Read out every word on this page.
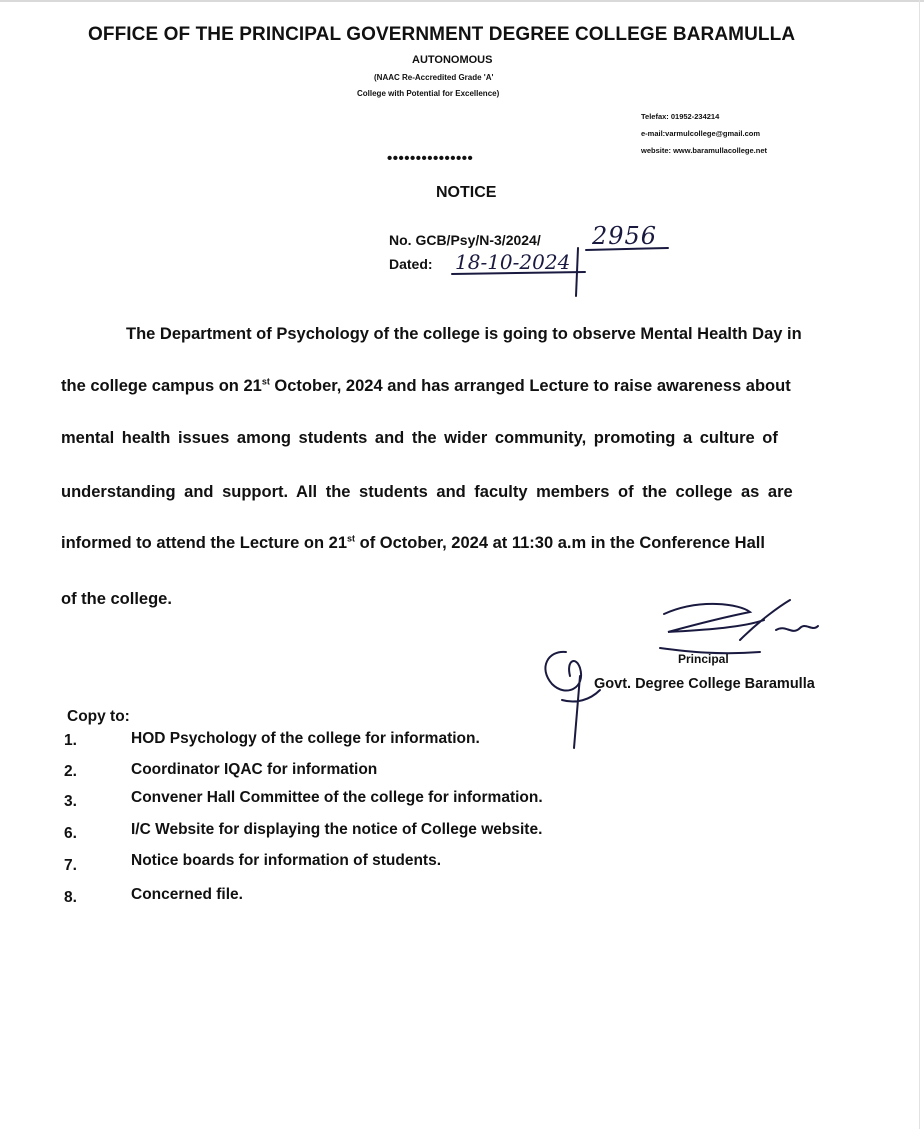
OFFICE OF THE PRINCIPAL GOVERNMENT DEGREE COLLEGE BARAMULLA
AUTONOMOUS
(NAAC Re-Accredited Grade 'A'
College with Potential for Excellence)
Telefax: 01952-234214
e-mail:varmulcollege@gmail.com
website: www.baramullacollege.net
•••••••••••••••
NOTICE
No. GCB/Psy/N-3/2024/ 2956
Dated: 18-10-2024
The Department of Psychology of the college is going to observe Mental Health Day in
the college campus on 21st October, 2024 and has arranged Lecture to raise awareness about
mental health issues among students and the wider community, promoting a culture of
understanding and support. All the students and faculty members of the college as are
informed to attend the Lecture on 21st of October, 2024 at 11:30 a.m in the Conference Hall
of the college.
Principal
Govt. Degree College Baramulla
Copy to:
1.	HOD Psychology of the college for information.
2.	Coordinator IQAC for information
3.	Convener Hall Committee of the college for information.
6.	I/C Website for displaying the notice of College website.
7.	Notice boards for information of students.
8.	Concerned file.
